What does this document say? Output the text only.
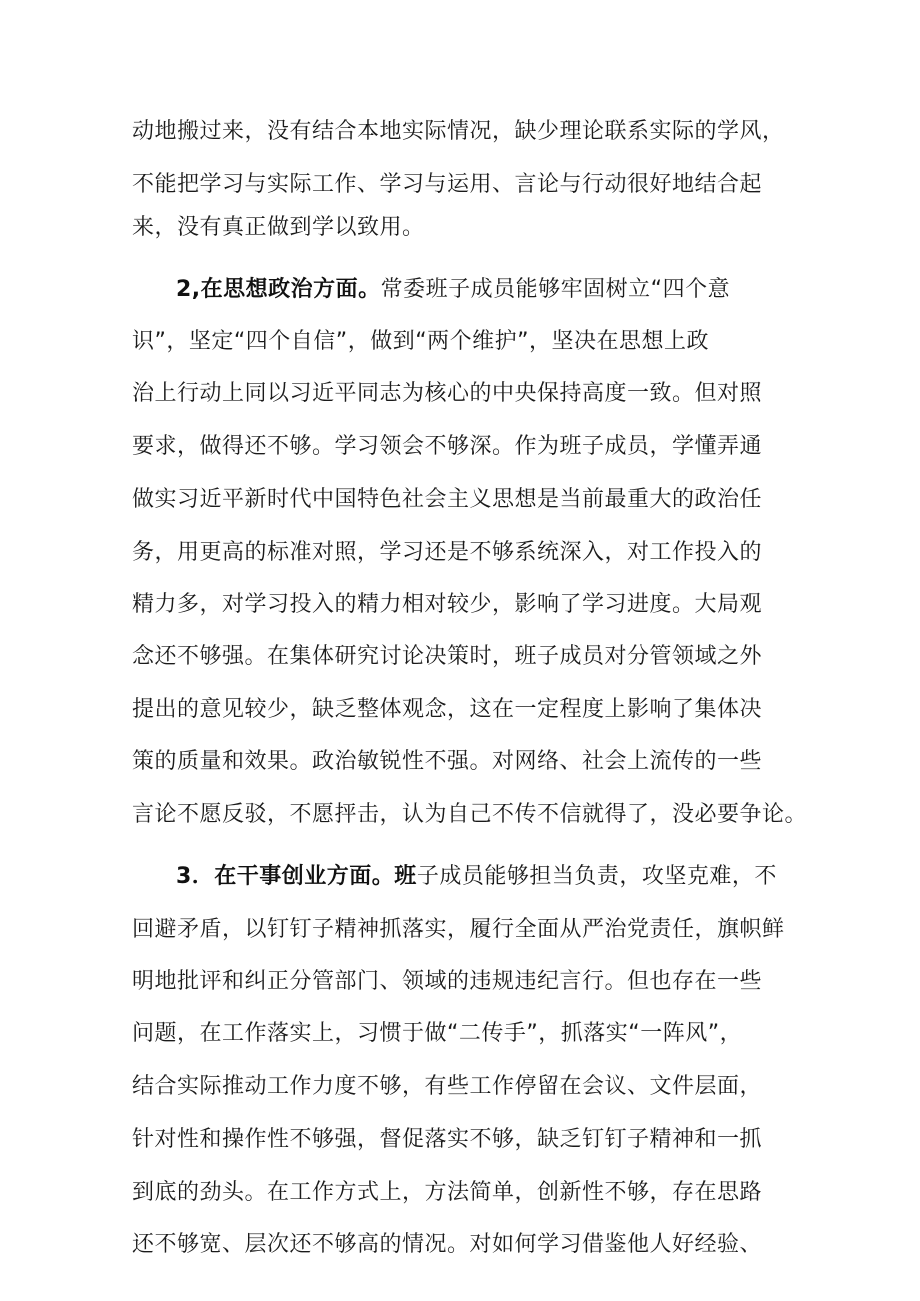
动地搬过来，没有结合本地实际情况，缺少理论联系实际的学风，
不能把学习与实际工作、学习与运用、言论与行动很好地结合起
来，没有真正做到学以致用。
2,在思想政治方面。常委班子成员能够牢固树立“四个意
识”，坚定“四个自信”，做到“两个维护”，坚决在思想上政
治上行动上同以习近平同志为核心的中央保持高度一致。但对照
要求，做得还不够。学习领会不够深。作为班子成员，学懂弄通
做实习近平新时代中国特色社会主义思想是当前最重大的政治任
务，用更高的标准对照，学习还是不够系统深入，对工作投入的
精力多，对学习投入的精力相对较少，影响了学习进度。大局观
念还不够强。在集体研究讨论决策时，班子成员对分管领域之外
提出的意见较少，缺乏整体观念，这在一定程度上影响了集体决
策的质量和效果。政治敏锐性不强。对网络、社会上流传的一些
言论不愿反驳，不愿抨击，认为自己不传不信就得了，没必要争论。
3．在干事创业方面。班子成员能够担当负责，攻坚克难，不
回避矛盾，以钉钉子精神抓落实，履行全面从严治党责任，旗帜鲜
明地批评和纠正分管部门、领域的违规违纪言行。但也存在一些
问题，在工作落实上，习惯于做“二传手”，抓落实“一阵风”，
结合实际推动工作力度不够，有些工作停留在会议、文件层面，
针对性和操作性不够强，督促落实不够，缺乏钉钉子精神和一抓
到底的劲头。在工作方式上，方法简单，创新性不够，存在思路
还不够宽、层次还不够高的情况。对如何学习借鉴他人好经验、
